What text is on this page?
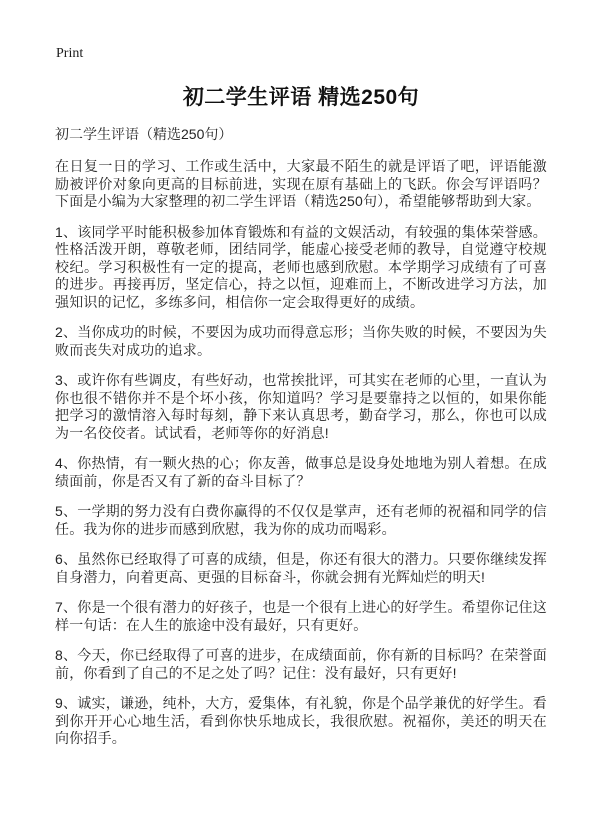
Print
初二学生评语 精选250句

初二学生评语（精选250句）

在日复一日的学习、工作或生活中，大家最不陌生的就是评语了吧，评语能激励被评价对象向更高的目标前进，实现在原有基础上的飞跃。你会写评语吗？下面是小编为大家整理的初二学生评语（精选250句），希望能够帮助到大家。

1、该同学平时能积极参加体育锻炼和有益的文娱活动，有较强的集体荣誉感。性格活泼开朗，尊敬老师，团结同学，能虚心接受老师的教导，自觉遵守校规校纪。学习积极性有一定的提高，老师也感到欣慰。本学期学习成绩有了可喜的进步。再接再厉，坚定信心，持之以恒，迎难而上，不断改进学习方法，加强知识的记忆，多练多问，相信你一定会取得更好的成绩。

2、当你成功的时候，不要因为成功而得意忘形；当你失败的时候，不要因为失败而丧失对成功的追求。

3、或许你有些调皮，有些好动，也常挨批评，可其实在老师的心里，一直认为你也很不错你并不是个坏小孩，你知道吗？学习是要靠持之以恒的，如果你能把学习的激情溶入每时每刻，静下来认真思考，勤奋学习，那么，你也可以成为一名佼佼者。试试看，老师等你的好消息!

4、你热情，有一颗火热的心；你友善，做事总是设身处地地为别人着想。在成绩面前，你是否又有了新的奋斗目标了？

5、一学期的努力没有白费你赢得的不仅仅是掌声，还有老师的祝福和同学的信任。我为你的进步而感到欣慰，我为你的成功而喝彩。

6、虽然你已经取得了可喜的成绩，但是，你还有很大的潜力。只要你继续发挥自身潜力，向着更高、更强的目标奋斗，你就会拥有光辉灿烂的明天!

7、你是一个很有潜力的好孩子，也是一个很有上进心的好学生。希望你记住这样一句话：在人生的旅途中没有最好，只有更好。

8、今天，你已经取得了可喜的进步，在成绩面前，你有新的目标吗？在荣誉面前，你看到了自己的不足之处了吗？记住：没有最好，只有更好!

9、诚实，谦逊，纯朴，大方，爱集体，有礼貌，你是个品学兼优的好学生。看到你开开心心地生活，看到你快乐地成长，我很欣慰。祝福你，美还的明天在向你招手。
